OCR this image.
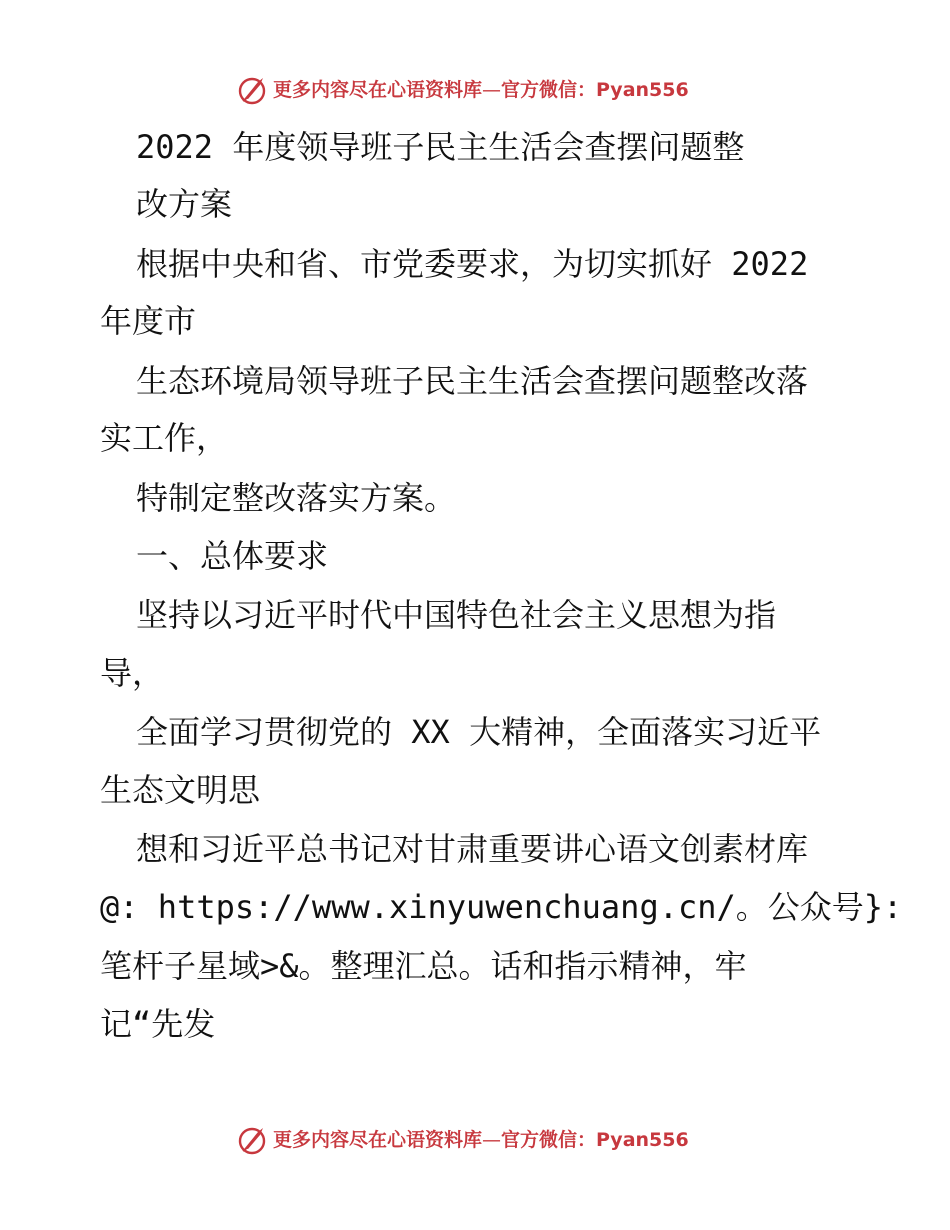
更多内容尽在心语资料库—官方微信：Pyan556
2022 年度领导班子民主生活会查摆问题整
改方案
根据中央和省、市党委要求，为切实抓好 2022
年度市
生态环境局领导班子民主生活会查摆问题整改落
实工作，
特制定整改落实方案。
一、总体要求
坚持以习近平时代中国特色社会主义思想为指
导，
全面学习贯彻党的 XX 大精神，全面落实习近平
生态文明思
想和习近平总书记对甘肃重要讲心语文创素材库
@: https://www.xinyuwenchuang.cn/。公众号}:
笔杆子星域>&。整理汇总。话和指示精神，牢
记“先发
更多内容尽在心语资料库—官方微信：Pyan556
